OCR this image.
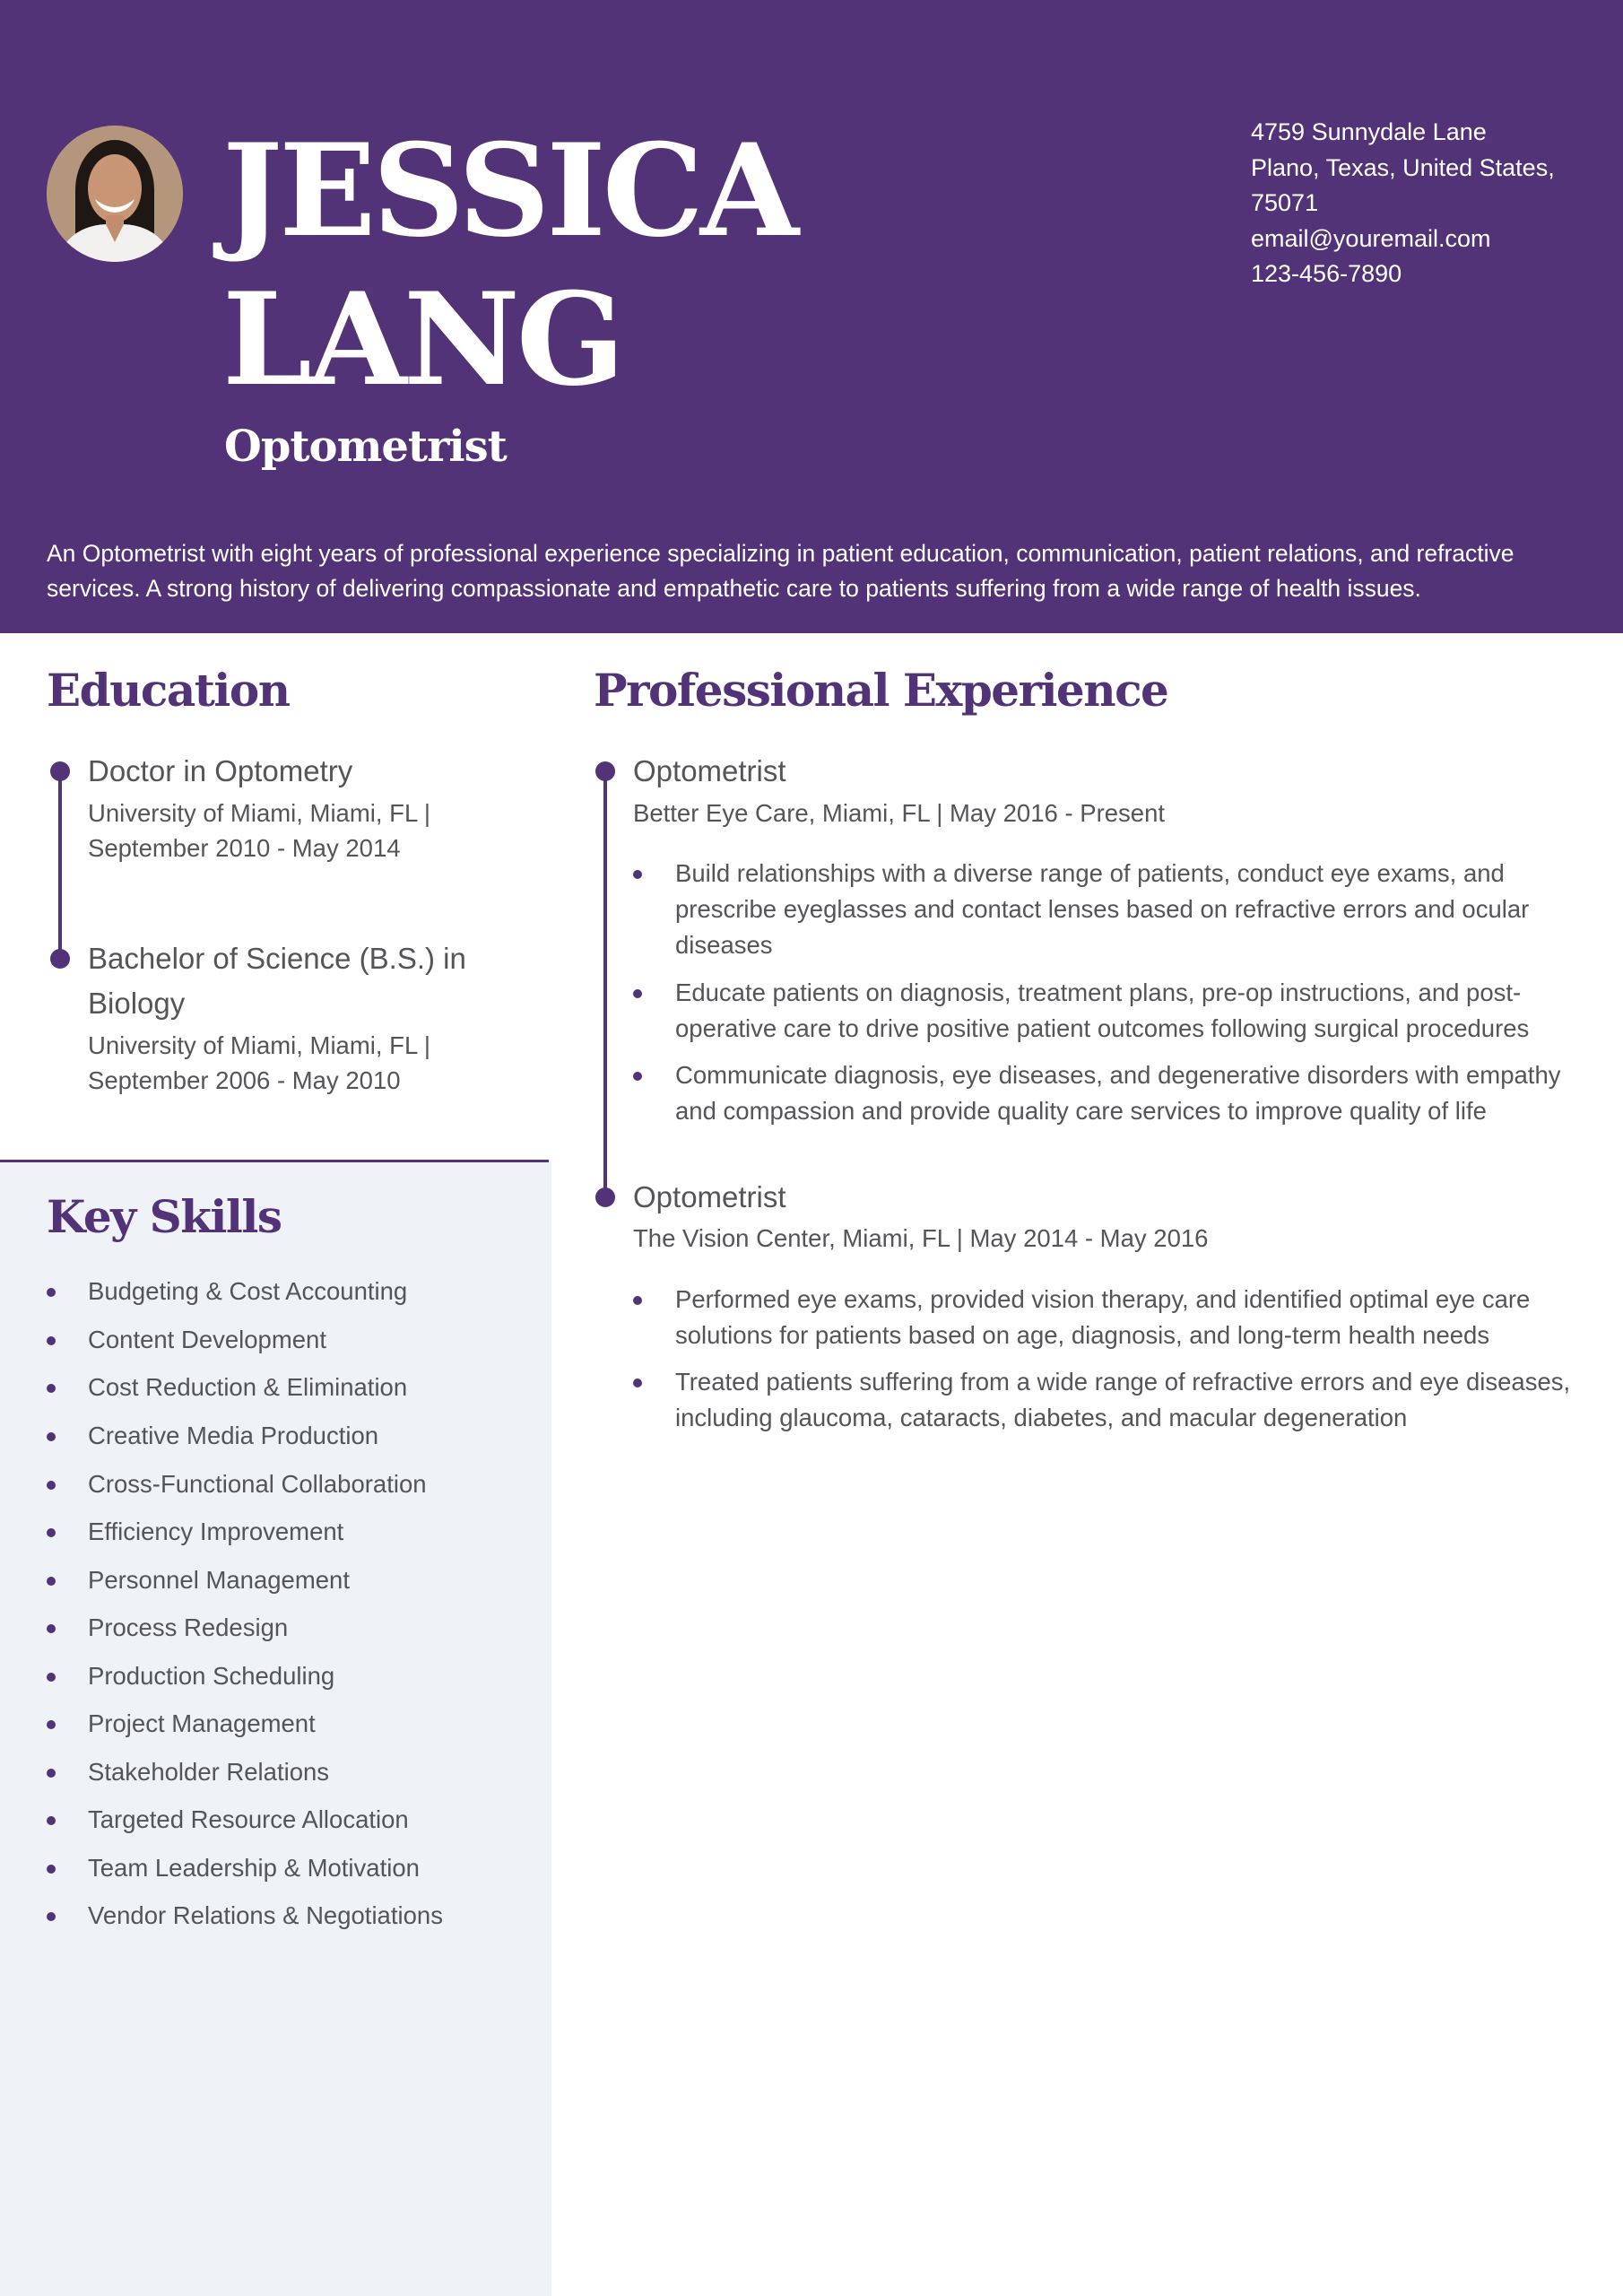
JESSICA
LANG
Optometrist
4759 Sunnydale Lane
Plano, Texas, United States,
75071
email@youremail.com
123-456-7890

An Optometrist with eight years of professional experience specializing in patient education, communication, patient relations, and refractive services. A strong history of delivering compassionate and empathetic care to patients suffering from a wide range of health issues.

Education
Doctor in Optometry
University of Miami, Miami, FL |
September 2010 - May 2014
Bachelor of Science (B.S.) in
Biology
University of Miami, Miami, FL |
September 2006 - May 2010
Key Skills
Budgeting & Cost Accounting
Content Development
Cost Reduction & Elimination
Creative Media Production
Cross-Functional Collaboration
Efficiency Improvement
Personnel Management
Process Redesign
Production Scheduling
Project Management
Stakeholder Relations
Targeted Resource Allocation
Team Leadership & Motivation
Vendor Relations & Negotiations
Professional Experience
Optometrist
Better Eye Care, Miami, FL | May 2016 - Present
Build relationships with a diverse range of patients, conduct eye exams, and prescribe eyeglasses and contact lenses based on refractive errors and ocular diseases
Educate patients on diagnosis, treatment plans, pre-op instructions, and post-operative care to drive positive patient outcomes following surgical procedures
Communicate diagnosis, eye diseases, and degenerative disorders with empathy and compassion and provide quality care services to improve quality of life
Optometrist
The Vision Center, Miami, FL | May 2014 - May 2016
Performed eye exams, provided vision therapy, and identified optimal eye care solutions for patients based on age, diagnosis, and long-term health needs
Treated patients suffering from a wide range of refractive errors and eye diseases, including glaucoma, cataracts, diabetes, and macular degeneration
